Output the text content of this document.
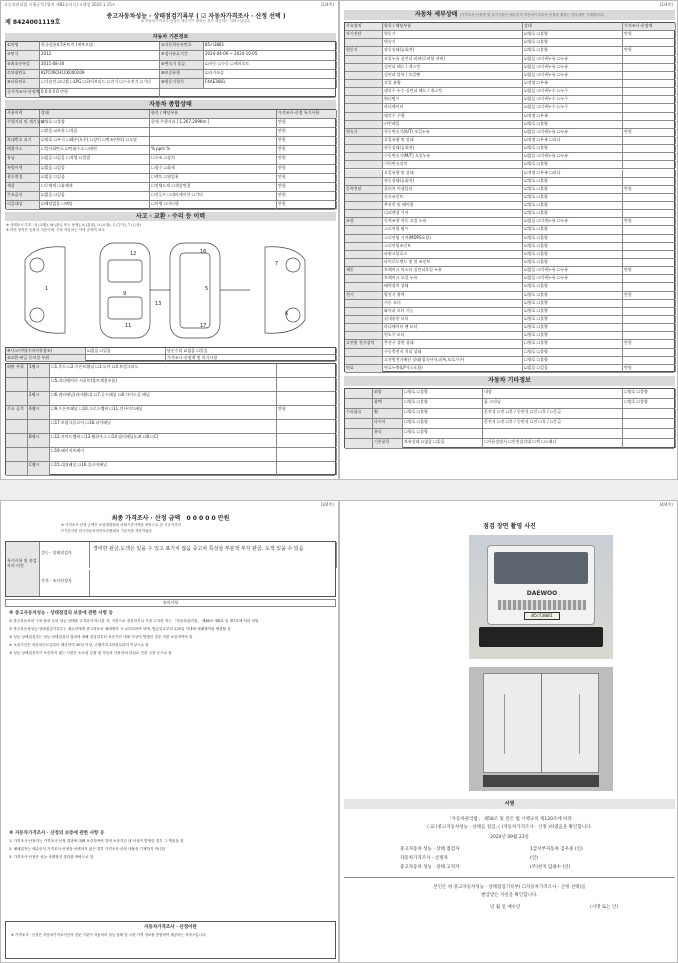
자동차관리법 시행규칙 [별지 제82호서식] <개정 2020.1.15>	(1/4쪽)
제 8424001119호
중고자동차성능 · 상태점검기록부 ( ☑ 자동차가격조사 · 산정 선택 )
※ 자동차가격조사·산정은 매수인이 원하는 경우 제공하는 서비스입니다.
자동차 기본정보
①차명	한국상용4.5톤트럭 (세부모델 :	②자동차등록번호	85러3881
③연식	2012	④검사유효기간	2024-04-06 ~ 2024-10-05
⑤최초등록일	2011-08-30	⑥변속기 종류	☑자동 ☐수동 ☐세미오토
⑦차대번호	KLTC06CH1CK000209	⑧보증유형	☑자가보증
⑨사용연료	☐가솔린 ☑디젤 ☐LPG ☐하이브리드 ☐전기 ☐수소전기 ☐기타	⑩원동기형식	F4AE3681
⑪가격조사·산정액 0 0 0 0 0 만원
자동차 종합상태
사용이력	상태	항목 / 해당부품	가격조사·산정 특기사항
주행거리 및 계기상태
☑양호 ☐불량	현재 주행거리 [ 1,267,209Km ]	만원
☐많음 ☑보통 ☐적음	만원
차대번호 표기	☑양호 ☐부식 ☐훼손(오손) ☐상이 ☐변조(변타) ☐도말	만원
배출가스	☐일산화탄소 ☑탄화수소 ☐매연	% ppm %	만원
튜닝	☑없음 ☐있음 ☐적법 ☐불법	☐구조 ☐장치	만원
특별이력	☑없음 ☐있음	☐침수 ☐화재	만원
용도변경	☑없음 ☐있음	☐렌트 ☐영업용	만원
색상	☐무채색 ☐유채색	☐전체도색 ☐색상변경	만원
주요옵션	☑없음 ☐있음	☐선루프 ☐내비게이션 ☐기타	만원
리콜대상	☑해당없음 ☐해당	☐이행 ☐미이행	만원
사고 · 교환 · 수리 등 이력
※ 상태표시 부호 : X (교환), W (판금 또는 용접), A (흠집), U (요철), C (부식), T (손상)
※ 하단 항목은 승용차 기준이며, 기타 자동차는 이에 준하여 표시
16
17
12
9
11
1
13
5
7
6
※사고이력(주의사항참조)	☑없음 ☐있음	단순수리 ☑없음 ☐있음
⑤교환·판금 등이상 부위	가격조사·산정액 및 특기사항
외판 부위	1랭크	☐1.후드 ☐2.프론트휀더 ☐3.도어 ☐4.트렁크리드
☐5.라디에이터 서포트(볼트체결부품)
2랭크	☐6.쿼터패널(리어휀더) ☐7.루프패널 ☐8.사이드실 패널
주요 골격	A랭크	☐9.프론트패널 ☐10.크로스멤버 ☐11.인사이드패널	만원
☐17.트렁크플로어 ☐18.리어패널
B랭크	☐12.사이드멤버 ☐13.휠하우스 ☐14.필러패널(☐A ☐B ☐C)
☐19.패키지트레이
C랭크	☐15.대쉬패널 ☐16.플로어패널
(2/4쪽)
자동차 세부상태 (가격조사·산정액 및 특기사항은 매수인이 자동차가격조사·산정을 원하는 경우에만 기재합니다)
주요장치	항목 / 해당부품	상태	가격조사·산정액
자기진단	원동기	☑양호 ☐불량	만원
변속기	☑양호 ☐불량
원동기	작동상태(공회전)	☑양호 ☐불량	만원
오일누유 실린더 커버(로커암 커버)	☑없음 ☐미세누유 ☐누유
실린더 헤드 / 개스킷	☑없음 ☐미세누유 ☐누유
실린더 블록 / 오일팬	☑없음 ☐미세누유 ☐누유
오일 유량	☑적정 ☐부족
냉각수 누수 실린더 헤드 / 개스킷	☑없음 ☐미세누수 ☐누수
워터펌프	☑없음 ☐미세누수 ☐누수
라디에이터	☑없음 ☐미세누수 ☐누수
냉각수 수량	☑적정 ☐부족
커먼레일	☑양호 ☐불량
변속기	자동변속기(A/T) 오일누유	☑없음 ☐미세누유 ☐누유	만원
오일유량 및 상태	☑적정 ☐부족 ☐과다
작동상태(공회전)	☑양호 ☐불량
수동변속기(M/T) 오일누유	☑없음 ☐미세누유 ☐누유
기어변속장치	☑양호 ☐불량
오일유량 및 상태	☑적정 ☐부족 ☐과다
작동상태(공회전)	☑양호 ☐불량
동력전달	클러치 어셈블리	☑양호 ☐불량	만원
등속조인트	☑양호 ☐불량
추진축 및 베어링	☑양호 ☐불량
디퍼렌셜 기어	☑양호 ☐불량
조향	동력조향 작동 오일 누유	☑없음 ☐미세누유 ☐누유	만원
스티어링 펌프	☑양호 ☐불량
스티어링 기어(MDPS포함)	☑양호 ☐불량
스티어링조인트	☑양호 ☐불량
파워고압호스	☑양호 ☐불량
타이로드엔드 및 볼 조인트	☑양호 ☐불량
제동	브레이크 마스터 실린더오일 누유	☑없음 ☐미세누유 ☐누유	만원
브레이크 오일 누유	☑없음 ☐미세누유 ☐누유
배력장치 상태	☑양호 ☐불량
전기	발전기 출력	☑양호 ☐불량	만원
시동 모터	☑양호 ☐불량
와이퍼 모터 기능	☑양호 ☐불량
실내송풍 모터	☑양호 ☐불량
라디에이터 팬 모터	☑양호 ☐불량
윈도우 모터	☑양호 ☐불량
고전원 전기장치	충전구 절연 상태	☐양호 ☐불량	만원
구동축전지 격리 상태	☐양호 ☐불량
고전원전기배선 상태(접속단자,피복,보호기구)	☐양호 ☐불량
연료	연료누출(LP가스포함)	☑없음 ☐있음	만원
자동차 기타정보
외장	☐양호 ☐불량	내장	☐양호 ☐불량
광택	☐양호 ☐불량	룸 크리닝	☐양호 ☐불량
수리필요	휠	☐양호 ☐불량	운전석 ☐전 ☐후 / 동반석 ☐전 ☐후 / ☐응급
타이어	☐양호 ☐불량	운전석 ☐전 ☐후 / 동반석 ☐전 ☐후 / ☐응급
유리	☐양호 ☐불량
기본품목	보유상태 ☐없음 ☐있음	☐사용설명서 ☐안전삼각대 ☐잭 ☐스패너
(3/4쪽)
최종 가격조사 · 산정 금액 0 0 0 0 0 만원
※ 가격조사·산정 금액은 보험개발원의 차량기준가액을 바탕으로 한 기준가격과
☐기본사항 한국자동차진단보증협회의 기준서를 적용하였음
특기사항 및 점검자의 의견
성능 · 상태점검자
경미한 판금,도색은 있을 수 있고 표기치 않음 중고차 특성상 부분적 부식 판금, 도색 있을 수 있음
가격 · 조사산정자
유의사항
※ 중고자동차성능 · 상태점검의 보증에 관한 사항 등
① 중고자동차의 구조·장치 등의 성능·상태를 고지하지 아니한 자, 거짓으로 점검하거나 거짓 고지한 자는 「자동차관리법」 제80조 제6호 및 제7호에 따라 처벌
② 중고자동차성능·상태점검기록부는 매수인에게 중고자동차 매매계약 시 교부되어야 하며, 발급일로부터 120일 이내에 매매계약을 체결할 것
③ 성능·상태점검자는 성능·상태점검의 결과에 대해 점검일부터 보증기간 내에 이상이 발생한 경우 이를 보증하여야 함
④ 보증기간은 자동차인도일부터 계산하여 30일 이상, 주행거리 2천킬로미터 이상으로 함
⑤ 성능·상태점검자가 보증하지 않는 사항은 소모성 부품 및 자동차 사용자의 과실로 인한 고장 등으로 함
※ 자동차가격조사 · 산정의 보증에 관한 사항 등
1. 가격조사·산정자는 가격조사·산정 결과에 대해 보증하여야 하며 보증기간 내 이상이 발생한 경우 그 책임을 짐
2. 매매업자는 매수인이 가격조사·산정을 선택하지 않은 경우 가격조사·산정 내용을 기재하지 아니함
3. 가격조사·산정은 성능·상태점검 결과를 바탕으로 함
자동차가격조사 · 산정이란
※ 가격조사 · 산정은 자동차가격조사산정 전문 기관이 자동차의 성능·상태 및 시장 가격 정보를 종합하여 제공하는 서비스입니다.
(4/4쪽)
점검 장면 촬영 사진
DAEWOO
85러3881
서명
「자동차관리법」 제58조 및 같은 법 시행규칙 제120조에 따라
( ☑ )중고자동차성능 · 상태를 점검, ( )자동차가격조사 · 산정 )하였음을 확인합니다.
2024년 09월 23일
중고자동차 성능 · 상태 점검자	1급서부자동차 김우중 (인)
자동차가격조사 · 산정자	(인)
중고자동차 성능 · 상태 고지자	(주)천지 임광수 (인)
본인은 위 중고자동차성능 · 상태점검기록부( ☐자동차가격조사 · 산정 선택)를
발급받은 사실을 확인합니다.
년 월 일 매수인	(서명 또는 인)
